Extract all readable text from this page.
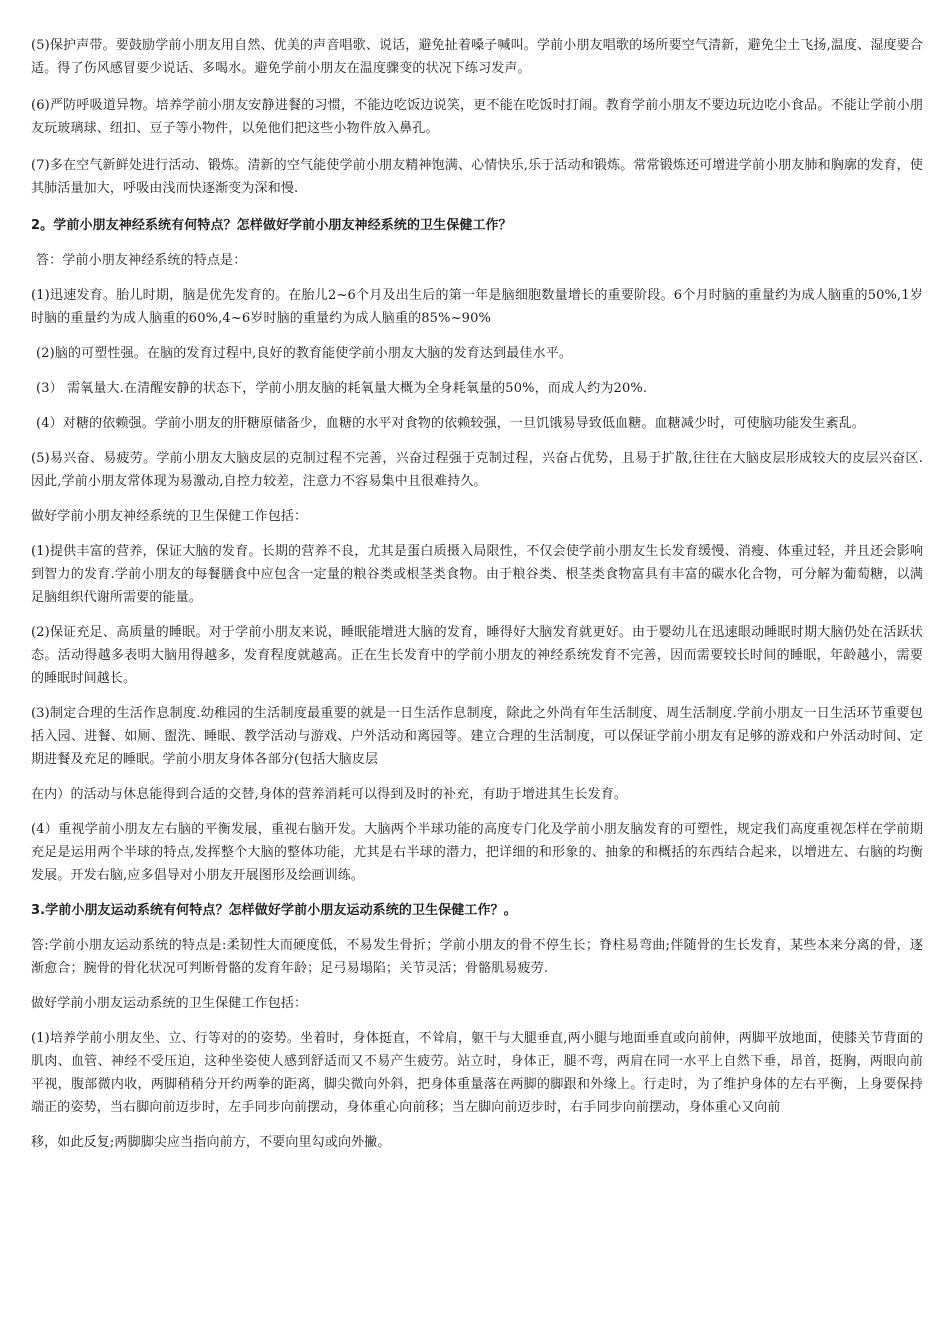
(5)保护声带。要鼓励学前小朋友用自然、优美的声音唱歌、说话，避免扯着嗓子喊叫。学前小朋友唱歌的场所要空气清新，避免尘土飞扬,温度、湿度要合适。得了伤风感冒要少说话、多喝水。避免学前小朋友在温度骤变的状况下练习发声。

(6)严防呼吸道异物。培养学前小朋友安静进餐的习惯，不能边吃饭边说笑，更不能在吃饭时打闹。教育学前小朋友不要边玩边吃小食品。不能让学前小朋友玩玻璃球、纽扣、豆子等小物件，以免他们把这些小物件放入鼻孔。

(7)多在空气新鲜处进行活动、锻炼。清新的空气能使学前小朋友精神饱满、心情快乐,乐于活动和锻炼。常常锻炼还可增进学前小朋友肺和胸廓的发育，使其肺活量加大，呼吸由浅而快逐渐变为深和慢.

2。学前小朋友神经系统有何特点？怎样做好学前小朋友神经系统的卫生保健工作？

答：学前小朋友神经系统的特点是：

(1)迅速发育。胎儿时期，脑是优先发育的。在胎儿2~6个月及出生后的第一年是脑细胞数量增长的重要阶段。6个月时脑的重量约为成人脑重的50%,1岁时脑的重量约为成人脑重的60%,4~6岁时脑的重量约为成人脑重的85%~90%

(2)脑的可塑性强。在脑的发育过程中,良好的教育能使学前小朋友大脑的发育达到最佳水平。

(3） 需氧量大.在清醒安静的状态下，学前小朋友脑的耗氧量大概为全身耗氧量的50%，而成人约为20%.

(4）对糖的依赖强。学前小朋友的肝糖原储备少，血糖的水平对食物的依赖较强，一旦饥饿易导致低血糖。血糖减少时，可使脑功能发生紊乱。

(5)易兴奋、易疲劳。学前小朋友大脑皮层的克制过程不完善，兴奋过程强于克制过程，兴奋占优势，且易于扩散,往往在大脑皮层形成较大的皮层兴奋区.因此,学前小朋友常体现为易激动,自控力较差，注意力不容易集中且很难持久。

做好学前小朋友神经系统的卫生保健工作包括：

(1)提供丰富的营养，保证大脑的发育。长期的营养不良，尤其是蛋白质摄入局限性，不仅会使学前小朋友生长发育缓慢、消瘦、体重过轻，并且还会影响到智力的发育.学前小朋友的每餐膳食中应包含一定量的粮谷类或根茎类食物。由于粮谷类、根茎类食物富具有丰富的碳水化合物，可分解为葡萄糖，以满足脑组织代谢所需要的能量。

(2)保证充足、高质量的睡眠。对于学前小朋友来说，睡眠能增进大脑的发育，睡得好大脑发育就更好。由于婴幼儿在迅速眼动睡眠时期大脑仍处在活跃状态。活动得越多表明大脑用得越多，发育程度就越高。正在生长发育中的学前小朋友的神经系统发育不完善，因而需要较长时间的睡眠，年龄越小，需要的睡眠时间越长。

(3)制定合理的生活作息制度.幼稚园的生活制度最重要的就是一日生活作息制度，除此之外尚有年生活制度、周生活制度.学前小朋友一日生活环节重要包括入园、进餐、如厕、盥洗、睡眠、教学活动与游戏、户外活动和离园等。建立合理的生活制度，可以保证学前小朋友有足够的游戏和户外活动时间、定期进餐及充足的睡眠。学前小朋友身体各部分(包括大脑皮层

在内）的活动与休息能得到合适的交替,身体的营养消耗可以得到及时的补充，有助于增进其生长发育。

(4）重视学前小朋友左右脑的平衡发展，重视右脑开发。大脑两个半球功能的高度专门化及学前小朋友脑发育的可塑性，规定我们高度重视怎样在学前期充足是运用两个半球的特点,发挥整个大脑的整体功能，尤其是右半球的潜力，把详细的和形象的、抽象的和概括的东西结合起来，以增进左、右脑的均衡发展。开发右脑,应多倡导对小朋友开展图形及绘画训练。

3.学前小朋友运动系统有何特点？怎样做好学前小朋友运动系统的卫生保健工作？。

答:学前小朋友运动系统的特点是:柔韧性大而硬度低，不易发生骨折；学前小朋友的骨不停生长；脊柱易弯曲;伴随骨的生长发育，某些本来分离的骨，逐渐愈合；腕骨的骨化状况可判断骨骼的发育年龄；足弓易塌陷；关节灵活；骨骼肌易疲劳.

做好学前小朋友运动系统的卫生保健工作包括：

(1)培养学前小朋友坐、立、行等对的的姿势。坐着时，身体挺直，不耸肩，躯干与大腿垂直,两小腿与地面垂直或向前伸，两脚平放地面，使膝关节背面的肌肉、血管、神经不受压迫，这种坐姿使人感到舒适而又不易产生疲劳。站立时，身体正，腿不弯，两肩在同一水平上自然下垂，昂首，挺胸，两眼向前平视，腹部微内收，两脚稍稍分开约两拳的距离，脚尖微向外斜，把身体重量落在两脚的脚跟和外缘上。行走时，为了维护身体的左右平衡，上身要保持端正的姿势，当右脚向前迈步时，左手同步向前摆动，身体重心向前移；当左脚向前迈步时，右手同步向前摆动，身体重心又向前

移，如此反复;两脚脚尖应当指向前方，不要向里勾或向外撇。
